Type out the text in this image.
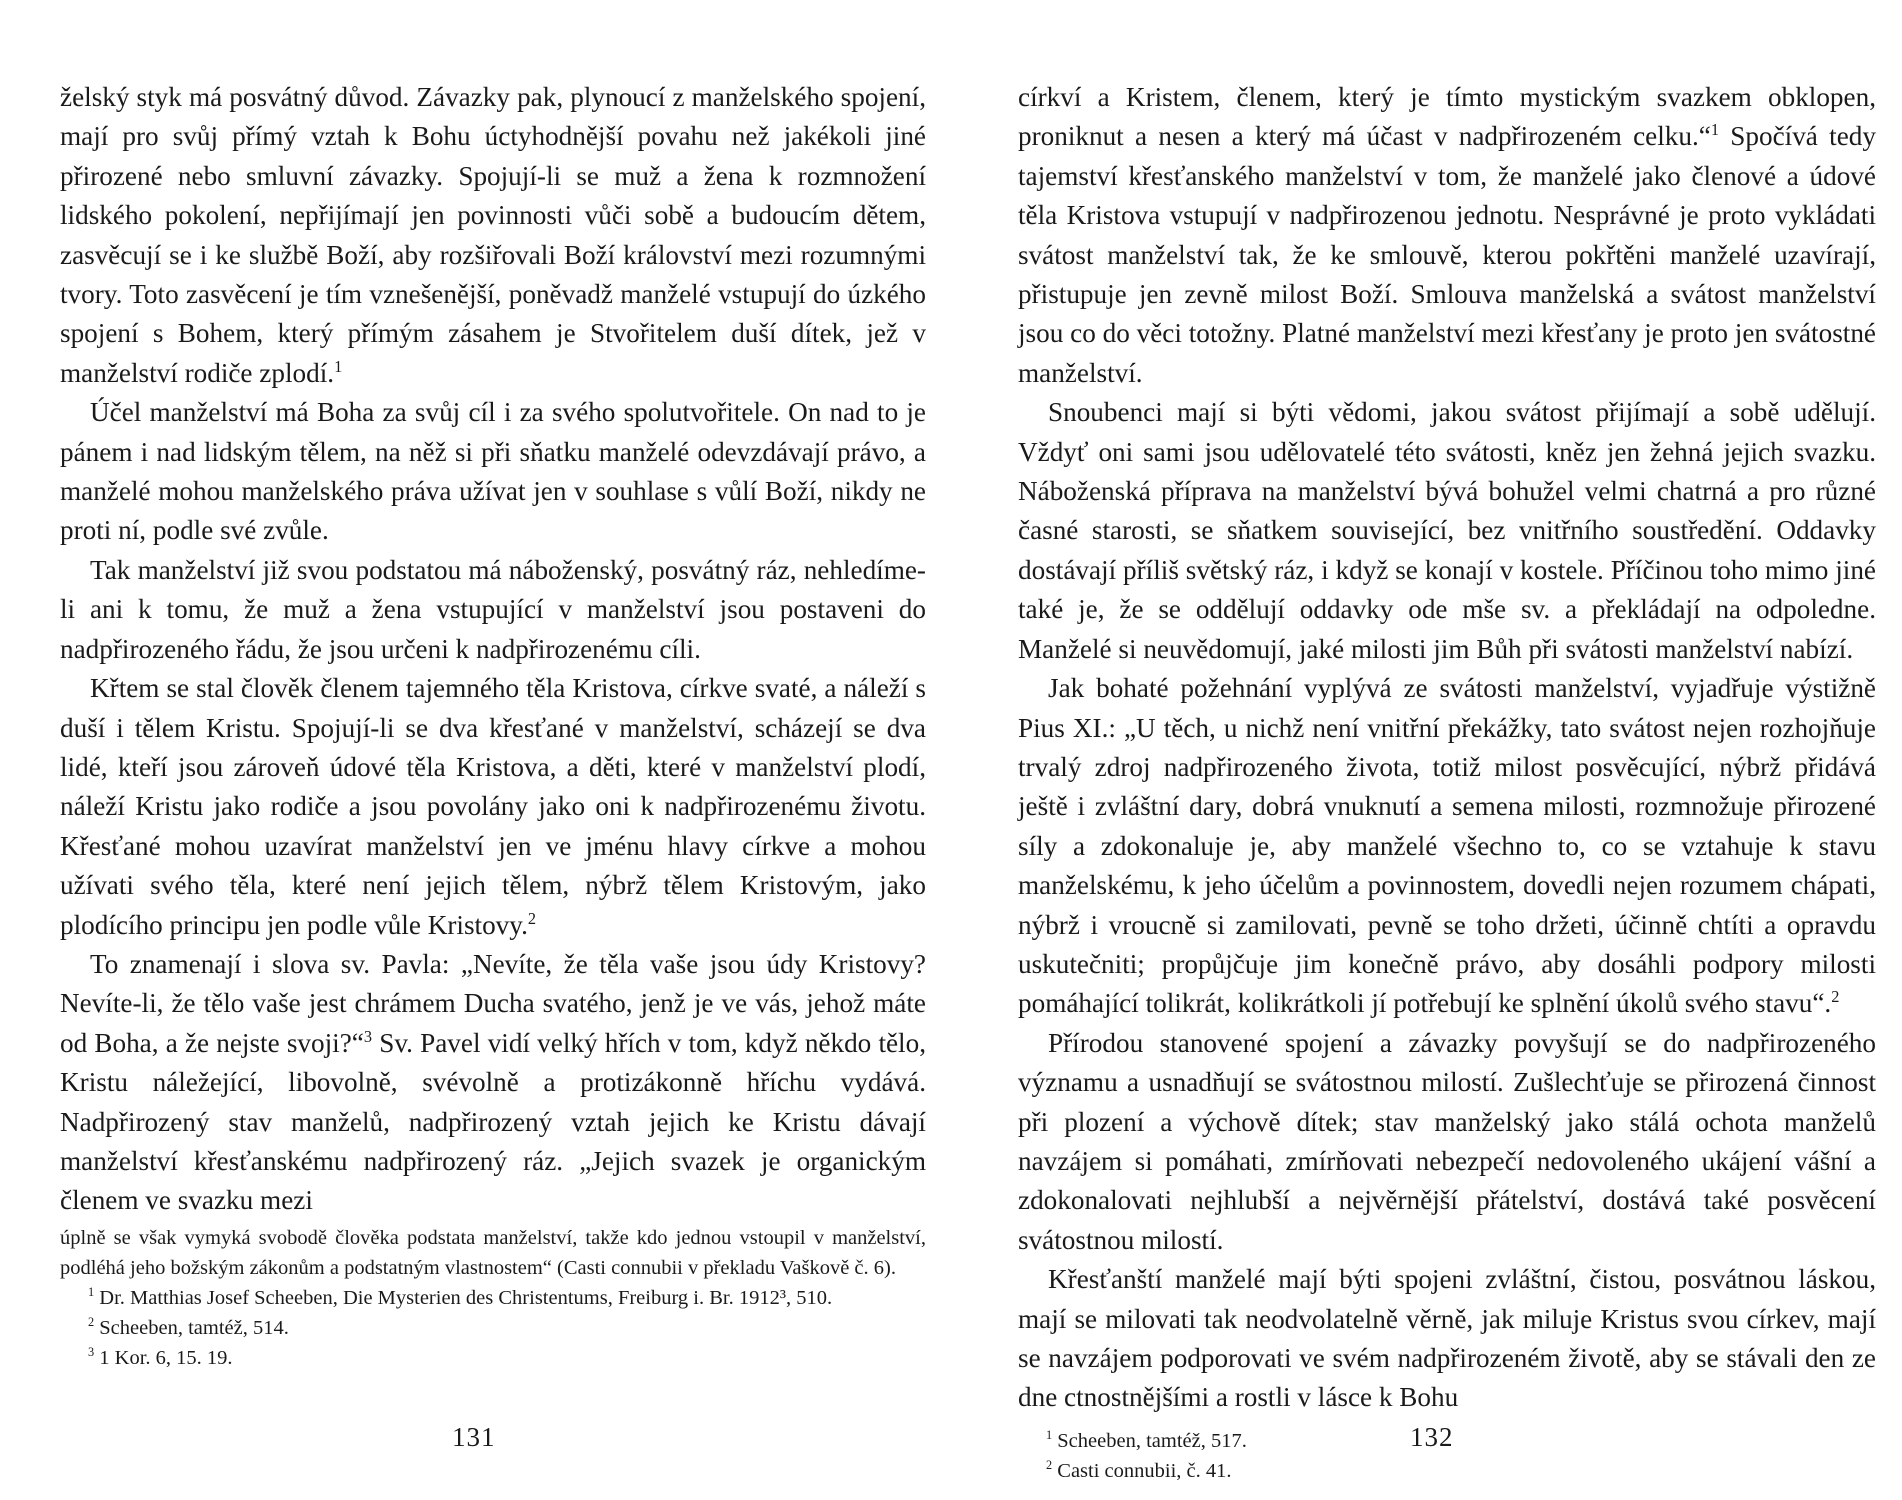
želský styk má posvátný důvod. Závazky pak, plynoucí z manželského spojení, mají pro svůj přímý vztah k Bohu úctyhodnější povahu než jakékoli jiné přirozené nebo smluvní závazky. Spojují-li se muž a žena k rozmnožení lidského pokolení, nepřijímají jen povinnosti vůči sobě a budoucím dětem, zasvěcují se i ke službě Boží, aby rozšiřovali Boží království mezi rozumnými tvory. Toto zasvěcení je tím vznešenější, poněvadž manželé vstupují do úzkého spojení s Bohem, který přímým zásahem je Stvořitelem duší dítek, jež v manželství rodiče zplodí.$^1$

Účel manželství má Boha za svůj cíl i za svého spolutvořitele. On nad to je pánem i nad lidským tělem, na něž si při sňatku manželé odevzdávají právo, a manželé mohou manželského práva užívat jen v souhlase s vůlí Boží, nikdy ne proti ní, podle své zvůle.

Tak manželství již svou podstatou má náboženský, posvátný ráz, nehledíme-li ani k tomu, že muž a žena vstupující v manželství jsou postaveni do nadpřirozeného řádu, že jsou určeni k nadpřirozenému cíli.

Křtem se stal člověk členem tajemného těla Kristova, církve svaté, a náleží s duší i tělem Kristu. Spojují-li se dva křesťané v manželství, scházejí se dva lidé, kteří jsou zároveň údové těla Kristova, a děti, které v manželství plodí, náleží Kristu jako rodiče a jsou povolány jako oni k nadpřirozenému životu. Křesťané mohou uzavírat manželství jen ve jménu hlavy církve a mohou užívati svého těla, které není jejich tělem, nýbrž tělem Kristovým, jako plodícího principu jen podle vůle Kristovy.$^2$

To znamenají i slova sv. Pavla: „Nevíte, že těla vaše jsou údy Kristovy? Nevíte-li, že tělo vaše jest chrámem Ducha svatého, jenž je ve vás, jehož máte od Boha, a že nejste svoji?“$^3$ Sv. Pavel vidí velký hřích v tom, když někdo tělo, Kristu náležející, libovolně, svévolně a protizákonně hříchu vydává. Nadpřirozený stav manželů, nadpřirozený vztah jejich ke Kristu dávají manželství křesťanskému nadpřirozený ráz. „Jejich svazek je organickým členem ve svazku mezi

úplně se však vymyká svobodě člověka podstata manželství, takže kdo jednou vstoupil v manželství, podléhá jeho božským zákonům a podstatným vlastnostem“ (Casti connubii v překladu Vaškově č. 6).

$^1$ Dr. Matthias Josef Scheeben, Die Mysterien des Christentums, Freiburg i. Br. 1912³, 510.

$^2$ Scheeben, tamtéž, 514.

$^3$ 1 Kor. 6, 15. 19.

131

církví a Kristem, členem, který je tímto mystickým svazkem obklopen, proniknut a nesen a který má účast v nadpřirozeném celku.“$^1$ Spočívá tedy tajemství křesťanského manželství v tom, že manželé jako členové a údové těla Kristova vstupují v nadpřirozenou jednotu. Nesprávné je proto vykládati svátost manželství tak, že ke smlouvě, kterou pokřtěni manželé uzavírají, přistupuje jen zevně milost Boží. Smlouva manželská a svátost manželství jsou co do věci totožny. Platné manželství mezi křesťany je proto jen svátostné manželství.

Snoubenci mají si býti vědomi, jakou svátost přijímají a sobě udělují. Vždyť oni sami jsou udělovatelé této svátosti, kněz jen žehná jejich svazku. Náboženská příprava na manželství bývá bohužel velmi chatrná a pro různé časné starosti, se sňatkem související, bez vnitřního soustředění. Oddavky dostávají příliš světský ráz, i když se konají v kostele. Příčinou toho mimo jiné také je, že se oddělují oddavky ode mše sv. a překládají na odpoledne. Manželé si neuvědomují, jaké milosti jim Bůh při svátosti manželství nabízí.

Jak bohaté požehnání vyplývá ze svátosti manželství, vyjadřuje výstižně Pius XI.: „U těch, u nichž není vnitřní překážky, tato svátost nejen rozhojňuje trvalý zdroj nadpřirozeného života, totiž milost posvěcující, nýbrž přidává ještě i zvláštní dary, dobrá vnuknutí a semena milosti, rozmnožuje přirozené síly a zdokonaluje je, aby manželé všechno to, co se vztahuje k stavu manželskému, k jeho účelům a povinnostem, dovedli nejen rozumem chápati, nýbrž i vroucně si zamilovati, pevně se toho držeti, účinně chtíti a opravdu uskutečniti; propůjčuje jim konečně právo, aby dosáhli podpory milosti pomáhající tolikrát, kolikrátkoli jí potřebují ke splnění úkolů svého stavu“.$^2$

Přírodou stanovené spojení a závazky povyšují se do nadpřirozeného významu a usnadňují se svátostnou milostí. Zušlechťuje se přirozená činnost při plození a výchově dítek; stav manželský jako stálá ochota manželů navzájem si pomáhati, zmírňovati nebezpečí nedovoleného ukájení vášní a zdokonalovati nejhlubší a nejvěrnější přátelství, dostává také posvěcení svátostnou milostí.

Křesťanští manželé mají býti spojeni zvláštní, čistou, posvátnou láskou, mají se milovati tak neodvolatelně věrně, jak miluje Kristus svou církev, mají se navzájem podporovati ve svém nadpřirozeném životě, aby se stávali den ze dne ctnostnějšími a rostli v lásce k Bohu

$^1$ Scheeben, tamtéž, 517.

$^2$ Casti connubii, č. 41.

132
